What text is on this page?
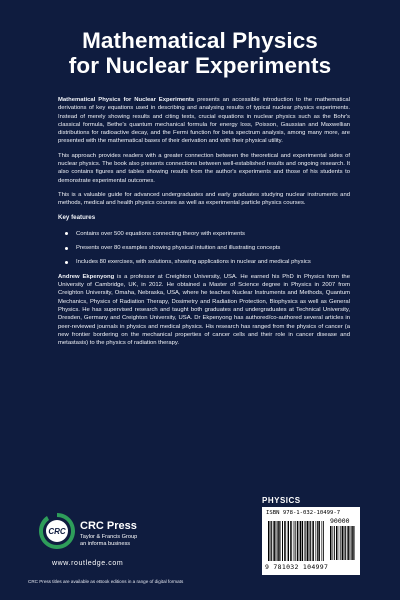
Mathematical Physics
for Nuclear Experiments

Mathematical Physics for Nuclear Experiments presents an accessible introduction to the mathematical derivations of key equations used in describing and analysing results of typical nuclear physics experiments. Instead of merely showing results and citing texts, crucial equations in nuclear physics such as the Bohr's classical formula, Bethe's quantum mechanical formula for energy loss, Poisson, Gaussian and Maxwellian distributions for radioactive decay, and the Fermi function for beta spectrum analysis, among many more, are presented with the mathematical bases of their derivation and with their physical utility.

This approach provides readers with a greater connection between the theoretical and experimental sides of nuclear physics. The book also presents connections between well-established results and ongoing research. It also contains figures and tables showing results from the author's experiments and those of his students to demonstrate experimental outcomes.

This is a valuable guide for advanced undergraduates and early graduates studying nuclear instruments and methods, medical and health physics courses as well as experimental particle physics courses.

Key features
Contains over 500 equations connecting theory with experiments
Presents over 80 examples showing physical intuition and illustrating concepts
Includes 80 exercises, with solutions, showing applications in nuclear and medical physics

Andrew Ekpenyong is a professor at Creighton University, USA. He earned his PhD in Physics from the University of Cambridge, UK, in 2012. He obtained a Master of Science degree in Physics in 2007 from Creighton University, Omaha, Nebraska, USA, where he teaches Nuclear Instruments and Methods, Quantum Mechanics, Physics of Radiation Therapy, Dosimetry and Radiation Protection, Biophysics as well as General Physics. He has supervised research and taught both graduates and undergraduates at Technical University, Dresden, Germany and Creighton University, USA. Dr Ekpenyong has authored/co-authored several articles in peer-reviewed journals in physics and medical physics. His research has ranged from the physics of cancer (a new frontier bordering on the mechanical properties of cancer cells and their role in cancer disease and metastasis) to the physics of radiation therapy.

CRC CRC Press
Taylor & Francis Group
an informa business
www.routledge.com
CRC Press titles are available as eBook editions in a range of digital formats
PHYSICS
ISBN 978-1-032-10499-7
90000
9 781032 104997
